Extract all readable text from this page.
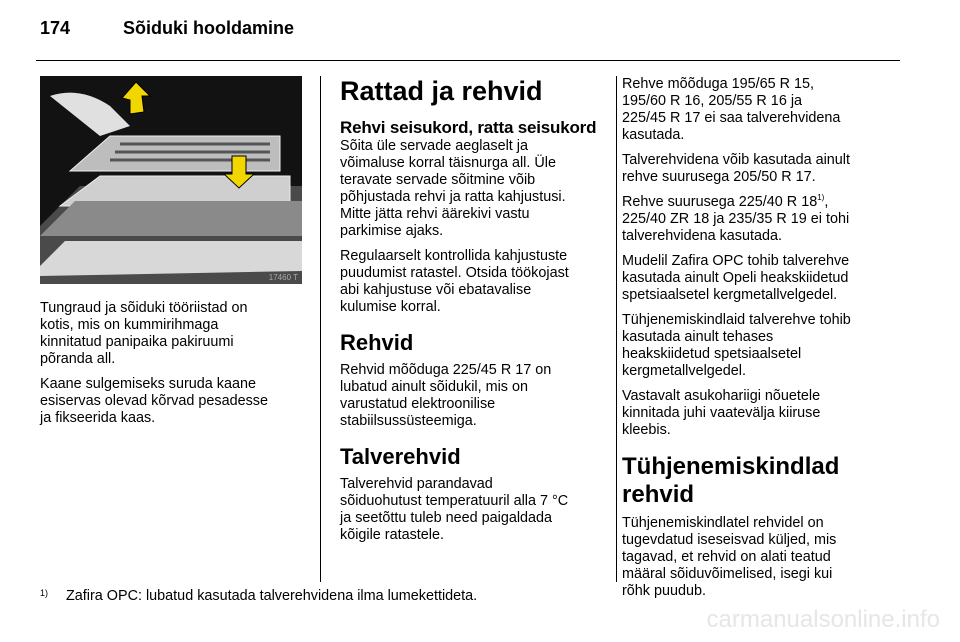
174	Sõiduki hooldamine
17460 T

Tungraud ja sõiduki tööriistad on
kotis, mis on kummirihmaga
kinnitatud panipaika pakiruumi
põranda all.

Kaane sulgemiseks suruda kaane
esiservas olevad kõrvad pesadesse
ja fikseerida kaas.

Rattad ja rehvid
Rehvi seisukord, ratta seisukord

Sõita üle servade aeglaselt ja
võimaluse korral täisnurga all. Üle
teravate servade sõitmine võib
põhjustada rehvi ja ratta kahjustusi.
Mitte jätta rehvi äärekivi vastu
parkimise ajaks.

Regulaarselt kontrollida kahjustuste
puudumist ratastel. Otsida töökojast
abi kahjustuse või ebatavalise
kulumise korral.

Rehvid

Rehvid mõõduga 225/45 R 17 on
lubatud ainult sõidukil, mis on
varustatud elektroonilise
stabiilsussüsteemiga.

Talverehvid

Talverehvid parandavad
sõiduohutust temperatuuril alla 7 °C
ja seetõttu tuleb need paigaldada
kõigile ratastele.

Rehve mõõduga 195/65 R 15,
195/60 R 16, 205/55 R 16 ja
225/45 R 17 ei saa talverehvidena
kasutada.

Talverehvidena võib kasutada ainult
rehve suurusega 205/50 R 17.

Rehve suurusega 225/40 R 18$^{1)}$,
225/40 ZR 18 ja 235/35 R 19 ei tohi
talverehvidena kasutada.

Mudelil Zafira OPC tohib talverehve
kasutada ainult Opeli heakskiidetud
spetsiaalsetel kergmetallvelgedel.

Tühjenemiskindlaid talverehve tohib
kasutada ainult tehases
heakskiidetud spetsiaalsetel
kergmetallvelgedel.

Vastavalt asukohariigi nõuetele
kinnitada juhi vaatevälja kiiruse
kleebis.

Tühjenemiskindlad rehvid

Tühjenemiskindlatel rehvidel on
tugevdatud iseseisvad küljed, mis
tagavad, et rehvid on alati teatud
määral sõiduvõimelised, isegi kui
rõhk puudub.

$^{1)}$ Zafira OPC: lubatud kasutada talverehvidena ilma lumekettideta.
carmanualsonline.info
